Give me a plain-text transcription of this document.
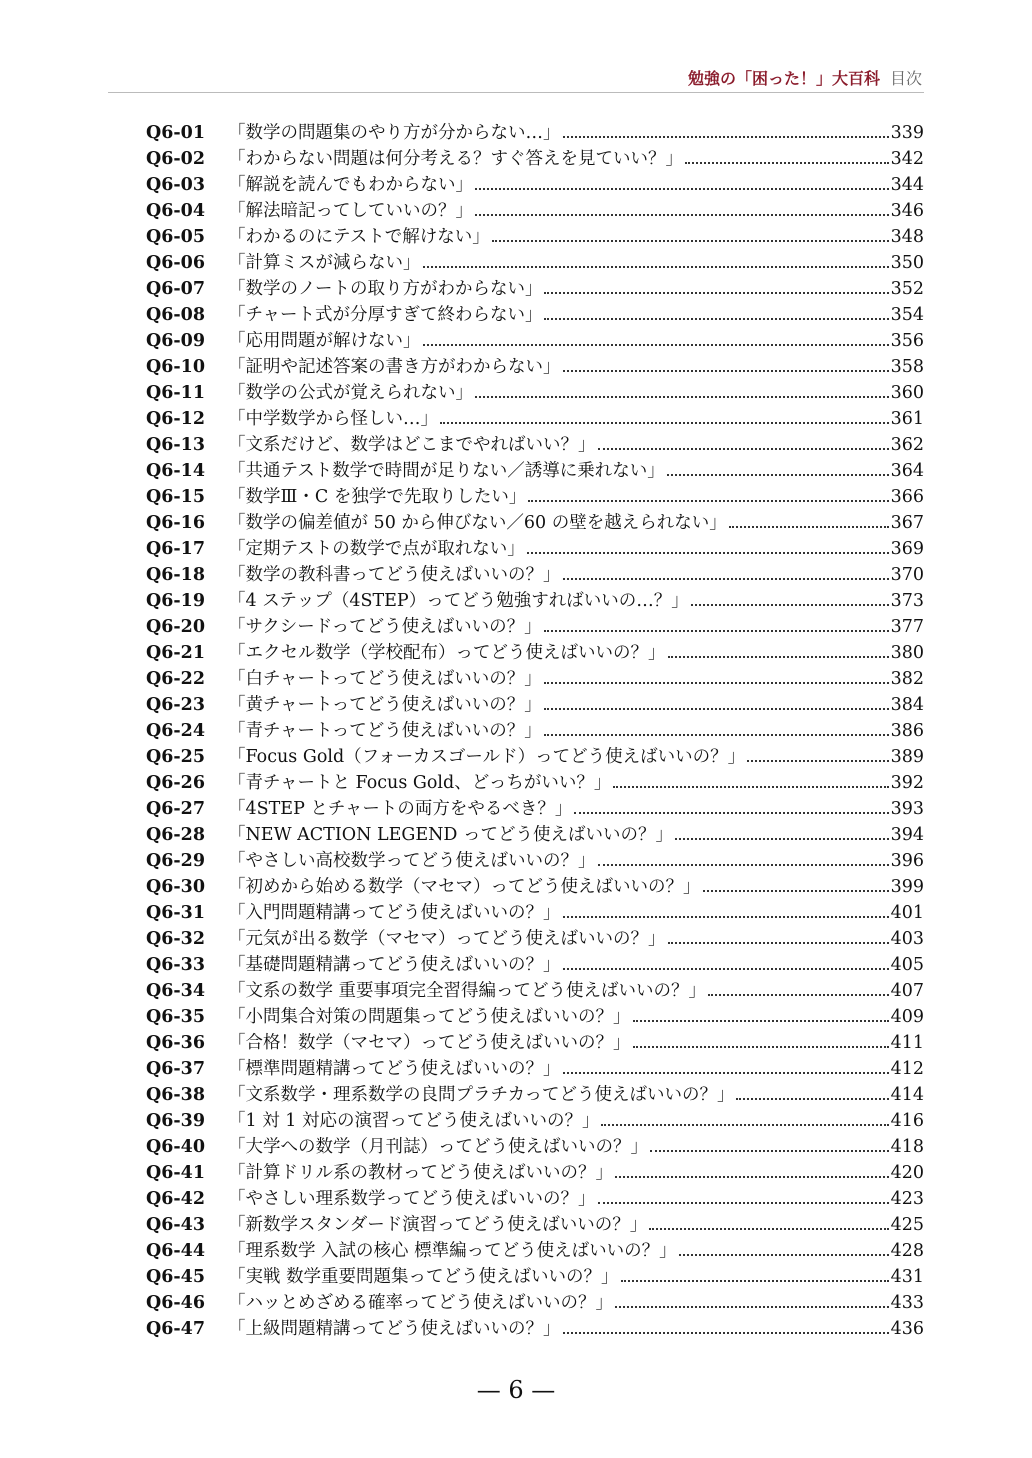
勉強の「困った！」大百科 目次
Q6-01	「数学の問題集のやり方が分からない…」	339
Q6-02	「わからない問題は何分考える？すぐ答えを見ていい？」	342
Q6-03	「解説を読んでもわからない」	344
Q6-04	「解法暗記ってしていいの？」	346
Q6-05	「わかるのにテストで解けない」	348
Q6-06	「計算ミスが減らない」	350
Q6-07	「数学のノートの取り方がわからない」	352
Q6-08	「チャート式が分厚すぎて終わらない」	354
Q6-09	「応用問題が解けない」	356
Q6-10	「証明や記述答案の書き方がわからない」	358
Q6-11	「数学の公式が覚えられない」	360
Q6-12	「中学数学から怪しい…」	361
Q6-13	「文系だけど、数学はどこまでやればいい？」	362
Q6-14	「共通テスト数学で時間が足りない／誘導に乗れない」	364
Q6-15	「数学Ⅲ・C を独学で先取りしたい」	366
Q6-16	「数学の偏差値が 50 から伸びない／60 の壁を越えられない」	367
Q6-17	「定期テストの数学で点が取れない」	369
Q6-18	「数学の教科書ってどう使えばいいの？」	370
Q6-19	「4 ステップ（4STEP）ってどう勉強すればいいの…？」	373
Q6-20	「サクシードってどう使えばいいの？」	377
Q6-21	「エクセル数学（学校配布）ってどう使えばいいの？」	380
Q6-22	「白チャートってどう使えばいいの？」	382
Q6-23	「黄チャートってどう使えばいいの？」	384
Q6-24	「青チャートってどう使えばいいの？」	386
Q6-25	「Focus Gold（フォーカスゴールド）ってどう使えばいいの？」	389
Q6-26	「青チャートと Focus Gold、どっちがいい？」	392
Q6-27	「4STEP とチャートの両方をやるべき？」	393
Q6-28	「NEW ACTION LEGEND ってどう使えばいいの？」	394
Q6-29	「やさしい高校数学ってどう使えばいいの？」	396
Q6-30	「初めから始める数学（マセマ）ってどう使えばいいの？」	399
Q6-31	「入門問題精講ってどう使えばいいの？」	401
Q6-32	「元気が出る数学（マセマ）ってどう使えばいいの？」	403
Q6-33	「基礎問題精講ってどう使えばいいの？」	405
Q6-34	「文系の数学 重要事項完全習得編ってどう使えばいいの？」	407
Q6-35	「小問集合対策の問題集ってどう使えばいいの？」	409
Q6-36	「合格！数学（マセマ）ってどう使えばいいの？」	411
Q6-37	「標準問題精講ってどう使えばいいの？」	412
Q6-38	「文系数学・理系数学の良問プラチカってどう使えばいいの？」	414
Q6-39	「1 対 1 対応の演習ってどう使えばいいの？」	416
Q6-40	「大学への数学（月刊誌）ってどう使えばいいの？」	418
Q6-41	「計算ドリル系の教材ってどう使えばいいの？」	420
Q6-42	「やさしい理系数学ってどう使えばいいの？」	423
Q6-43	「新数学スタンダード演習ってどう使えばいいの？」	425
Q6-44	「理系数学 入試の核心 標準編ってどう使えばいいの？」	428
Q6-45	「実戦 数学重要問題集ってどう使えばいいの？」	431
Q6-46	「ハッとめざめる確率ってどう使えばいいの？」	433
Q6-47	「上級問題精講ってどう使えばいいの？」	436
— 6 —
